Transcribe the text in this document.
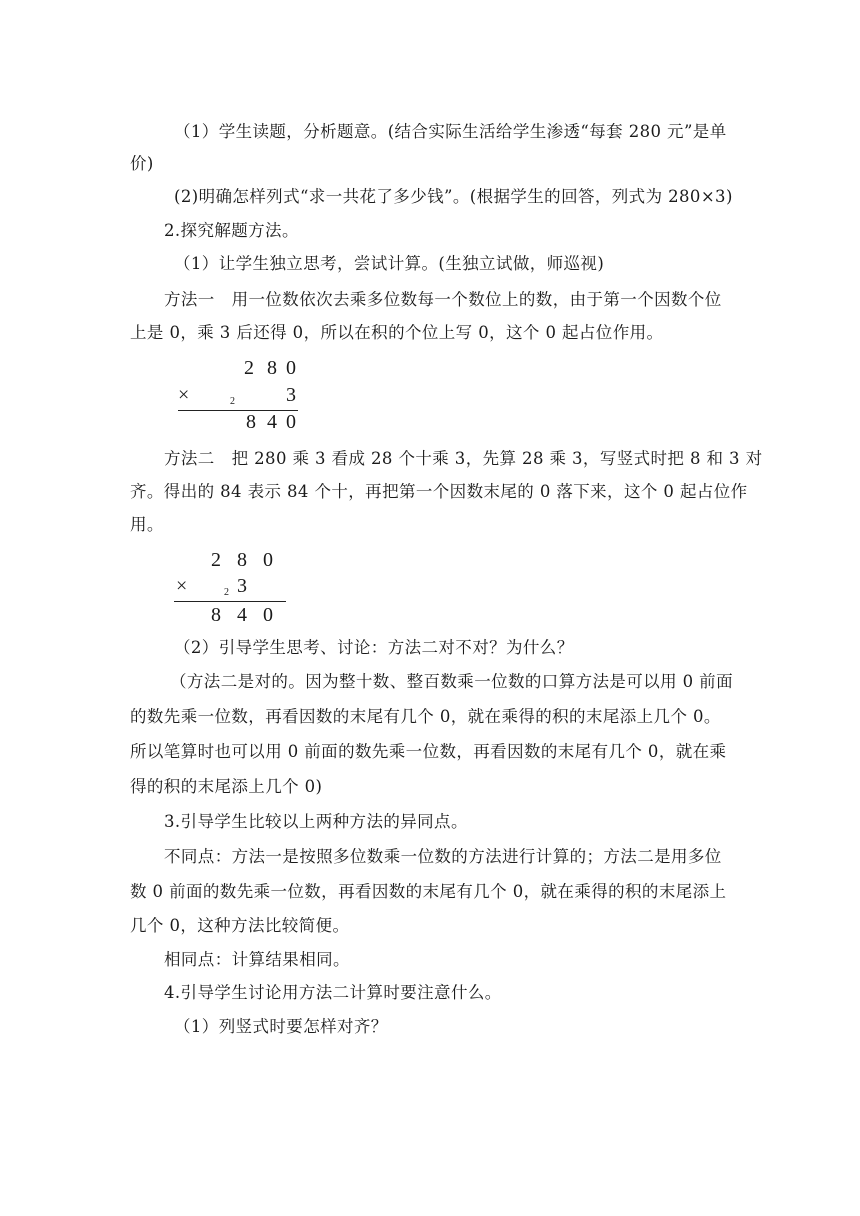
（1）学生读题，分析题意。(结合实际生活给学生渗透“每套 280 元”是单
价)
(2)明确怎样列式“求一共花了多少钱”。(根据学生的回答，列式为 280×3)
2.探究解题方法。
（1）让学生独立思考，尝试计算。(生独立试做，师巡视)
方法一　用一位数依次去乘多位数每一个数位上的数，由于第一个因数个位
上是 0，乘 3 后还得 0，所以在积的个位上写 0，这个 0 起占位作用。
2 8 0
×	2	3
8 4 0
方法二　把 280 乘 3 看成 28 个十乘 3，先算 28 乘 3，写竖式时把 8 和 3 对
齐。得出的 84 表示 84 个十，再把第一个因数末尾的 0 落下来，这个 0 起占位作
用。
2 8 0
×	2 3
8 4 0
（2）引导学生思考、讨论：方法二对不对？为什么？
（方法二是对的。因为整十数、整百数乘一位数的口算方法是可以用 0 前面
的数先乘一位数，再看因数的末尾有几个 0，就在乘得的积的末尾添上几个 0。
所以笔算时也可以用 0 前面的数先乘一位数，再看因数的末尾有几个 0，就在乘
得的积的末尾添上几个 0)
3.引导学生比较以上两种方法的异同点。
不同点：方法一是按照多位数乘一位数的方法进行计算的；方法二是用多位
数 0 前面的数先乘一位数，再看因数的末尾有几个 0，就在乘得的积的末尾添上
几个 0，这种方法比较简便。
相同点：计算结果相同。
4.引导学生讨论用方法二计算时要注意什么。
（1）列竖式时要怎样对齐？
